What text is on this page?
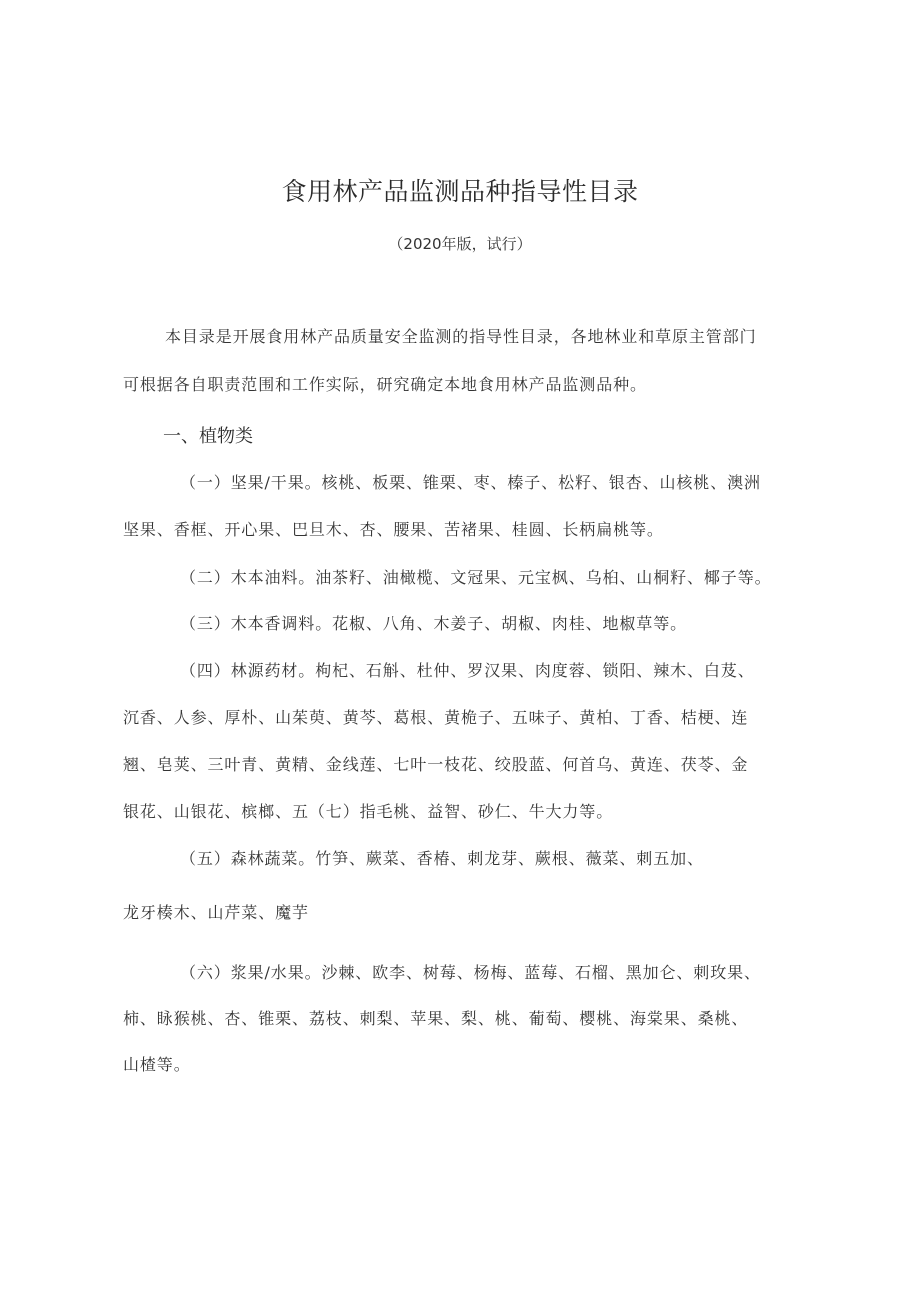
食用林产品监测品种指导性目录
（2020年版，试行）
本目录是开展食用林产品质量安全监测的指导性目录，各地林业和草原主管部门
可根据各自职责范围和工作实际，研究确定本地食用林产品监测品种。
一、植物类
（一）坚果/干果。核桃、板栗、锥栗、枣、榛子、松籽、银杏、山核桃、澳洲
坚果、香框、开心果、巴旦木、杏、腰果、苦褚果、桂圆、长柄扁桃等。
（二）木本油料。油茶籽、油橄榄、文冠果、元宝枫、乌桕、山桐籽、椰子等。
（三）木本香调料。花椒、八角、木姜子、胡椒、肉桂、地椒草等。
（四）林源药材。枸杞、石斛、杜仲、罗汉果、肉度蓉、锁阳、辣木、白芨、
沉香、人参、厚朴、山茱萸、黄芩、葛根、黄桅子、五味子、黄柏、丁香、桔梗、连
翘、皂荚、三叶青、黄精、金线莲、七叶一枝花、绞股蓝、何首乌、黄连、茯苓、金
银花、山银花、槟榔、五（七）指毛桃、益智、砂仁、牛大力等。
（五）森林蔬菜。竹笋、蕨菜、香椿、刺龙芽、蕨根、薇菜、刺五加、
龙牙楱木、山芹菜、魔芋
（六）浆果/水果。沙棘、欧李、树莓、杨梅、蓝莓、石榴、黑加仑、刺玫果、
柿、眿猴桃、杏、锥栗、荔枝、刺梨、苹果、梨、桃、葡萄、樱桃、海棠果、桑桃、
山楂等。
